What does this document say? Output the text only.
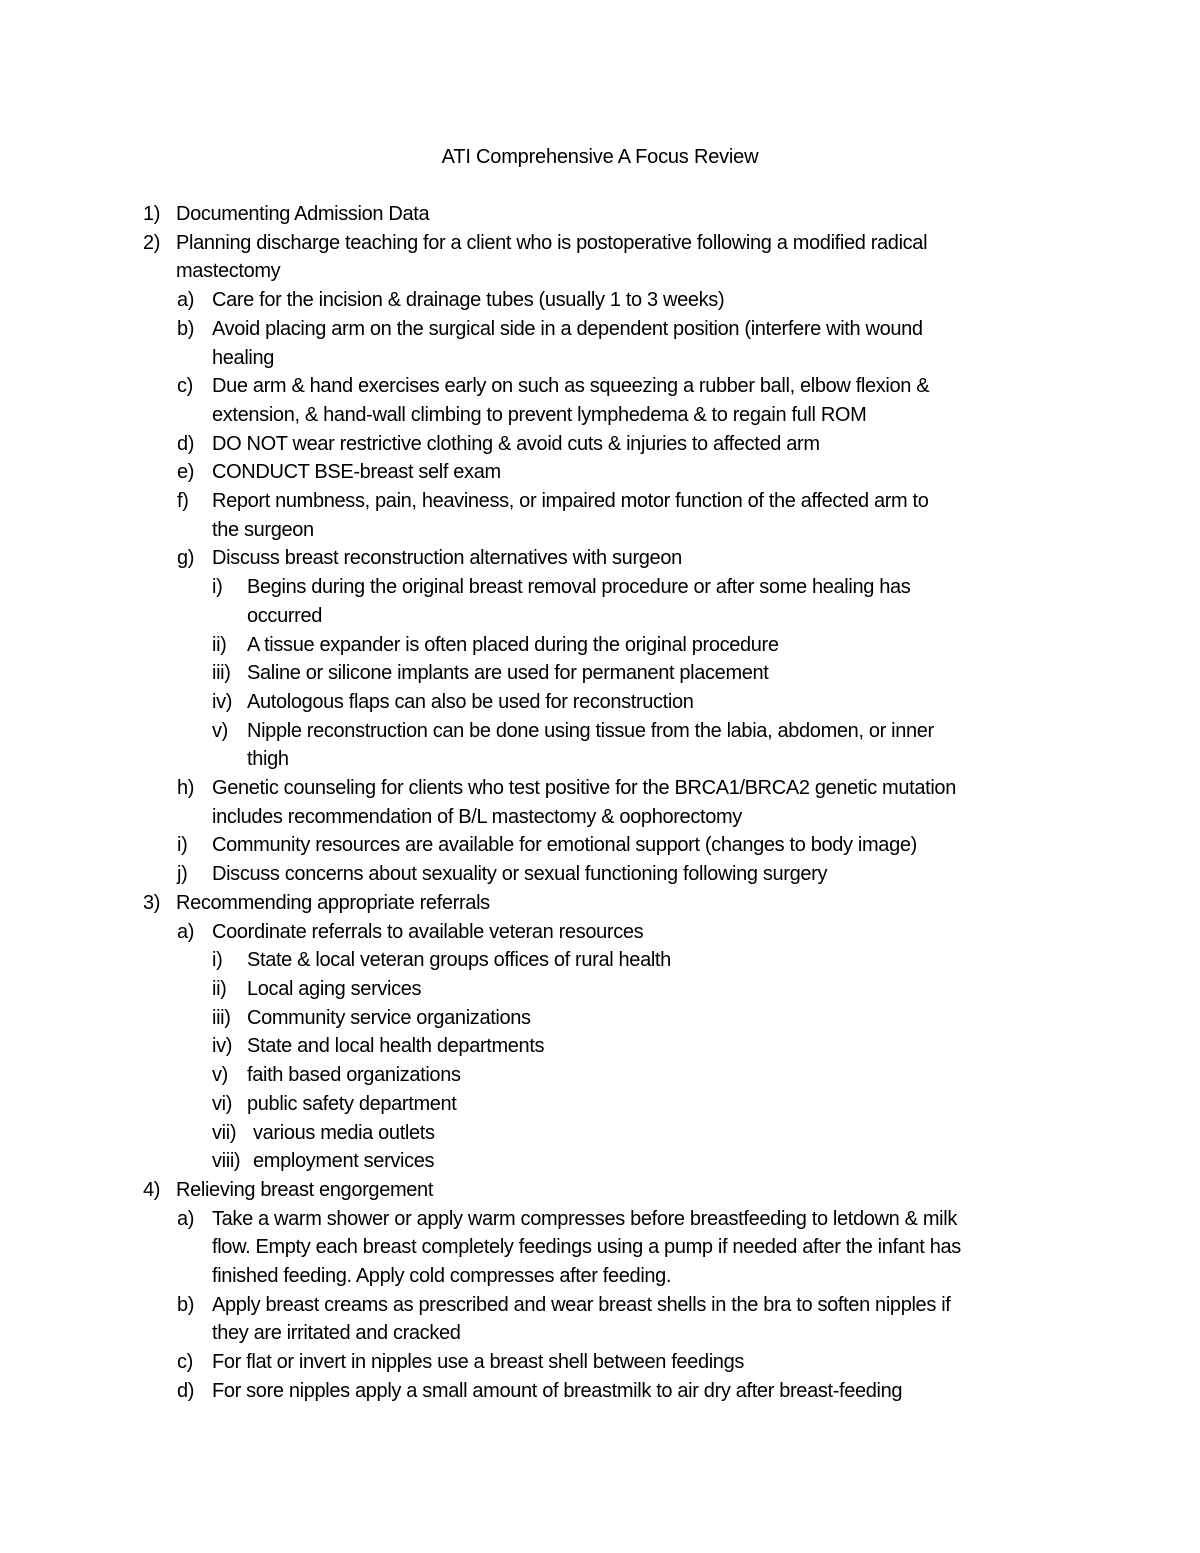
ATI Comprehensive A Focus Review
1) Documenting Admission Data
2) Planning discharge teaching for a client who is postoperative following a modified radical
mastectomy
a) Care for the incision & drainage tubes (usually 1 to 3 weeks)
b) Avoid placing arm on the surgical side in a dependent position (interfere with wound
healing
c) Due arm & hand exercises early on such as squeezing a rubber ball, elbow flexion &
extension, & hand-wall climbing to prevent lymphedema & to regain full ROM
d) DO NOT wear restrictive clothing & avoid cuts & injuries to affected arm
e) CONDUCT BSE-breast self exam
f)	Report numbness, pain, heaviness, or impaired motor function of the affected arm to
the surgeon
g) Discuss breast reconstruction alternatives with surgeon
i)	Begins during the original breast removal procedure or after some healing has
occurred
ii)	A tissue expander is often placed during the original procedure
iii) Saline or silicone implants are used for permanent placement
iv) Autologous flaps can also be used for reconstruction
v) Nipple reconstruction can be done using tissue from the labia, abdomen, or inner
thigh
h) Genetic counseling for clients who test positive for the BRCA1/BRCA2 genetic mutation
includes recommendation of B/L mastectomy & oophorectomy
i)	Community resources are available for emotional support (changes to body image)
j)	Discuss concerns about sexuality or sexual functioning following surgery
3) Recommending appropriate referrals
a) Coordinate referrals to available veteran resources
i)	State & local veteran groups offices of rural health
ii)	Local aging services
iii) Community service organizations
iv) State and local health departments
v) faith based organizations
vi) public safety department
vii) various media outlets
viii) employment services
4) Relieving breast engorgement
a) Take a warm shower or apply warm compresses before breastfeeding to letdown & milk
flow. Empty each breast completely feedings using a pump if needed after the infant has
finished feeding. Apply cold compresses after feeding.
b) Apply breast creams as prescribed and wear breast shells in the bra to soften nipples if
they are irritated and cracked
c) For flat or invert in nipples use a breast shell between feedings
d) For sore nipples apply a small amount of breastmilk to air dry after breast-feeding
